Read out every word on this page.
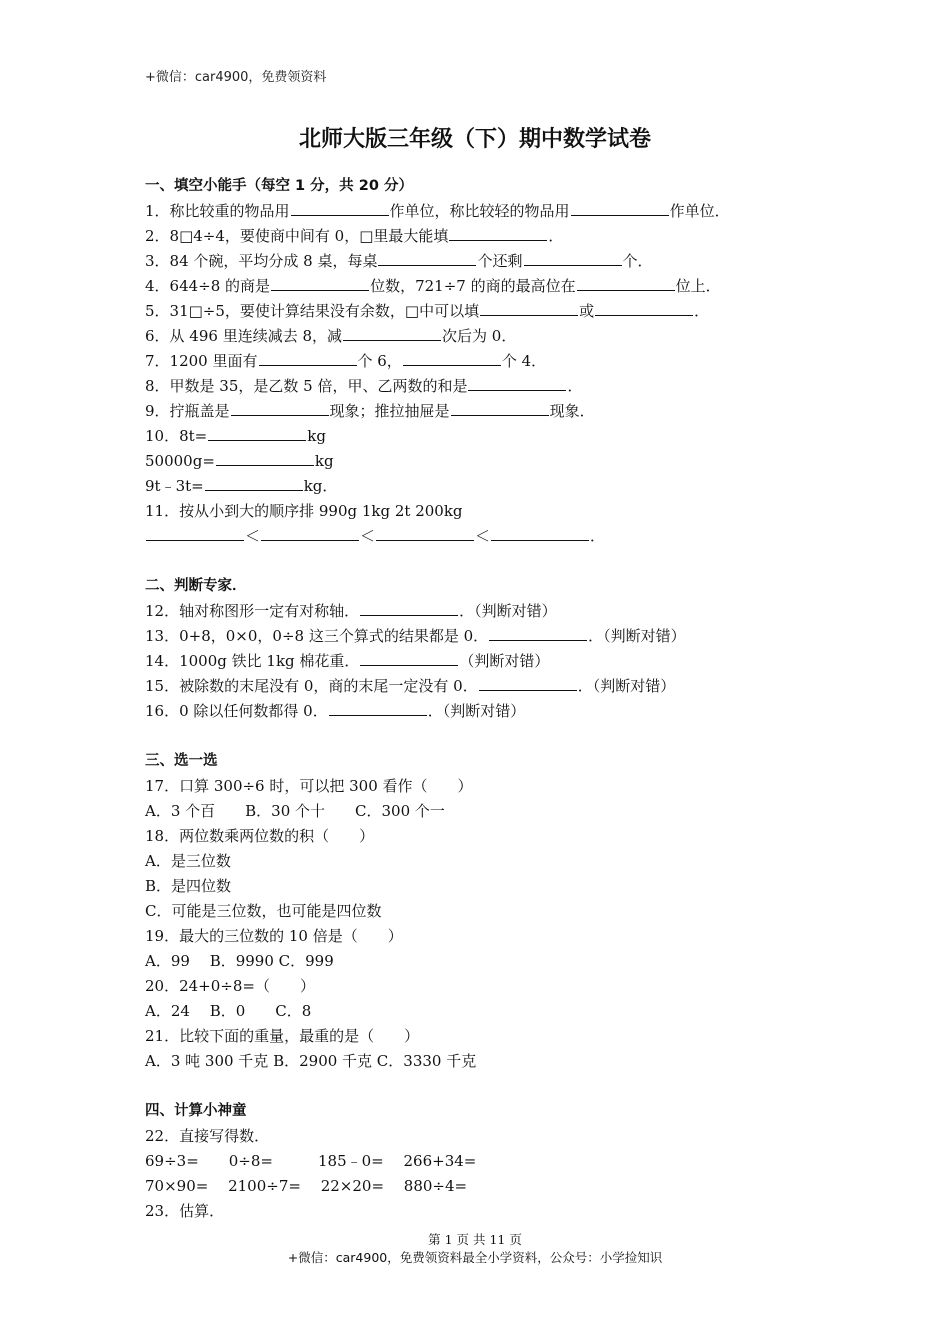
+微信：car4900，免费领资料
北师大版三年级（下）期中数学试卷
一、填空小能手（每空 1 分，共 20 分）
1．称比较重的物品用	作单位，称比较轻的物品用	作单位．
2．8□4÷4，要使商中间有 0，□里最大能填	．
3．84 个碗，平均分成 8 桌，每桌	个还剩	个．
4．644÷8 的商是	位数，721÷7 的商的最高位在	位上．
5．31□÷5，要使计算结果没有余数，□中可以填	或	．
6．从 496 里连续减去 8，减	次后为 0．
7．1200 里面有	个 6，	个 4．
8．甲数是 35，是乙数 5 倍，甲、乙两数的和是	．
9．拧瓶盖是	现象；推拉抽屉是	现象．
10．8t=	kg
50000g=	kg
9t﹣3t=	kg．
11．按从小到大的顺序排 990g 1kg 2t 200kg
＜	＜	＜	．
二、判断专家．
12．轴对称图形一定有对称轴．	．（判断对错）
13．0+8，0×0，0÷8 这三个算式的结果都是 0．	．（判断对错）
14．1000g 铁比 1kg 棉花重．	（判断对错）
15．被除数的末尾没有 0，商的末尾一定没有 0．	．（判断对错）
16．0 除以任何数都得 0．	．（判断对错）
三、选一选
17．口算 300÷6 时，可以把 300 看作（　　）
A．3 个百　　B．30 个十　　C．300 个一
18．两位数乘两位数的积（　　）
A．是三位数
B．是四位数
C．可能是三位数，也可能是四位数
19．最大的三位数的 10 倍是（　　）
A．99　 B．9990 C．999
20．24+0÷8=（　　）
A．24　 B．0　　C．8
21．比较下面的重量，最重的是（　　）
A．3 吨 300 千克 B．2900 千克 C．3330 千克
四、计算小神童
22．直接写得数．
69÷3=　　0÷8=　　　185﹣0=　 266+34=
70×90=　 2100÷7=　 22×20=　 880÷4=
23．估算．
第 1 页 共 11 页
+微信：car4900，免费领资料最全小学资料，公众号：小学捡知识
